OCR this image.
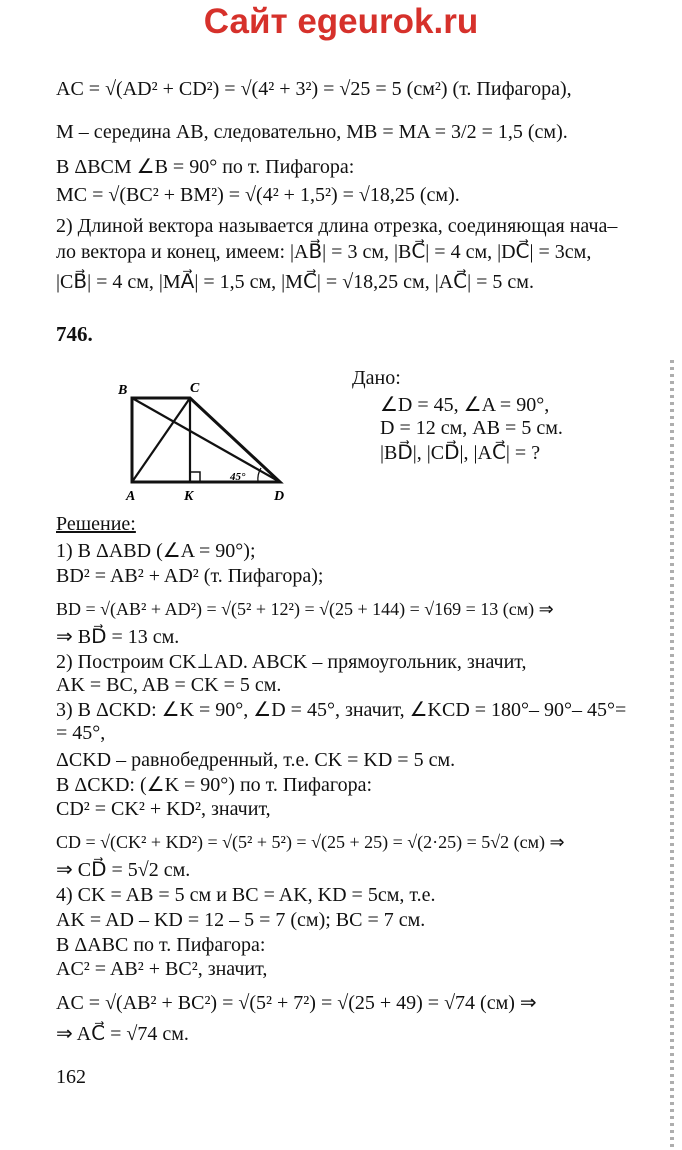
Сайт egeurok.ru
AC = √(AD² + CD²) = √(4² + 3²) = √25 = 5 (см²) (т. Пифагора),
M – середина AB, следовательно, MB = MA = 3/2 = 1,5 (см).
В ΔBCM ∠B = 90° по т. Пифагора:
MC = √(BC² + BM²) = √(4² + 1,5²) = √18,25 (см).
2) Длиной вектора называется длина отрезка, соединяющая нача–
ло вектора и конец, имеем: |AB⃗| = 3 см, |BC⃗| = 4 см, |DC⃗| = 3см,
|CB⃗| = 4 см, |MA⃗| = 1,5 см, |MC⃗| = √18,25 см, |AC⃗| = 5 см.
746.
B	C
A	K	D
45°
Дано:
∠D = 45, ∠A = 90°,
D = 12 см, AB = 5 см.
|BD⃗|, |CD⃗|, |AC⃗| = ?
Решение:
1) В ΔABD (∠A = 90°);
BD² = AB² + AD² (т. Пифагора);
BD = √(AB² + AD²) = √(5² + 12²) = √(25 + 144) = √169 = 13 (см) ⇒
⇒ BD⃗ = 13 см.
2) Построим CK⊥AD. ABCK – прямоугольник, значит,
AK = BC, AB = CK = 5 см.
3) В ΔCKD: ∠K = 90°, ∠D = 45°, значит, ∠KCD = 180°– 90°– 45°=
= 45°,
ΔCKD – равнобедренный, т.е. CK = KD = 5 см.
В ΔCKD: (∠K = 90°) по т. Пифагора:
CD² = CK² + KD², значит,
CD = √(CK² + KD²) = √(5² + 5²) = √(25 + 25) = √(2·25) = 5√2 (см) ⇒
⇒ CD⃗ = 5√2 см.
4) CK = AB = 5 см и BC = AK, KD = 5см, т.е.
AK = AD – KD = 12 – 5 = 7 (см); BC = 7 см.
В ΔABC по т. Пифагора:
AC² = AB² + BC², значит,
AC = √(AB² + BC²) = √(5² + 7²) = √(25 + 49) = √74 (см) ⇒
⇒ AC⃗ = √74 см.
162
